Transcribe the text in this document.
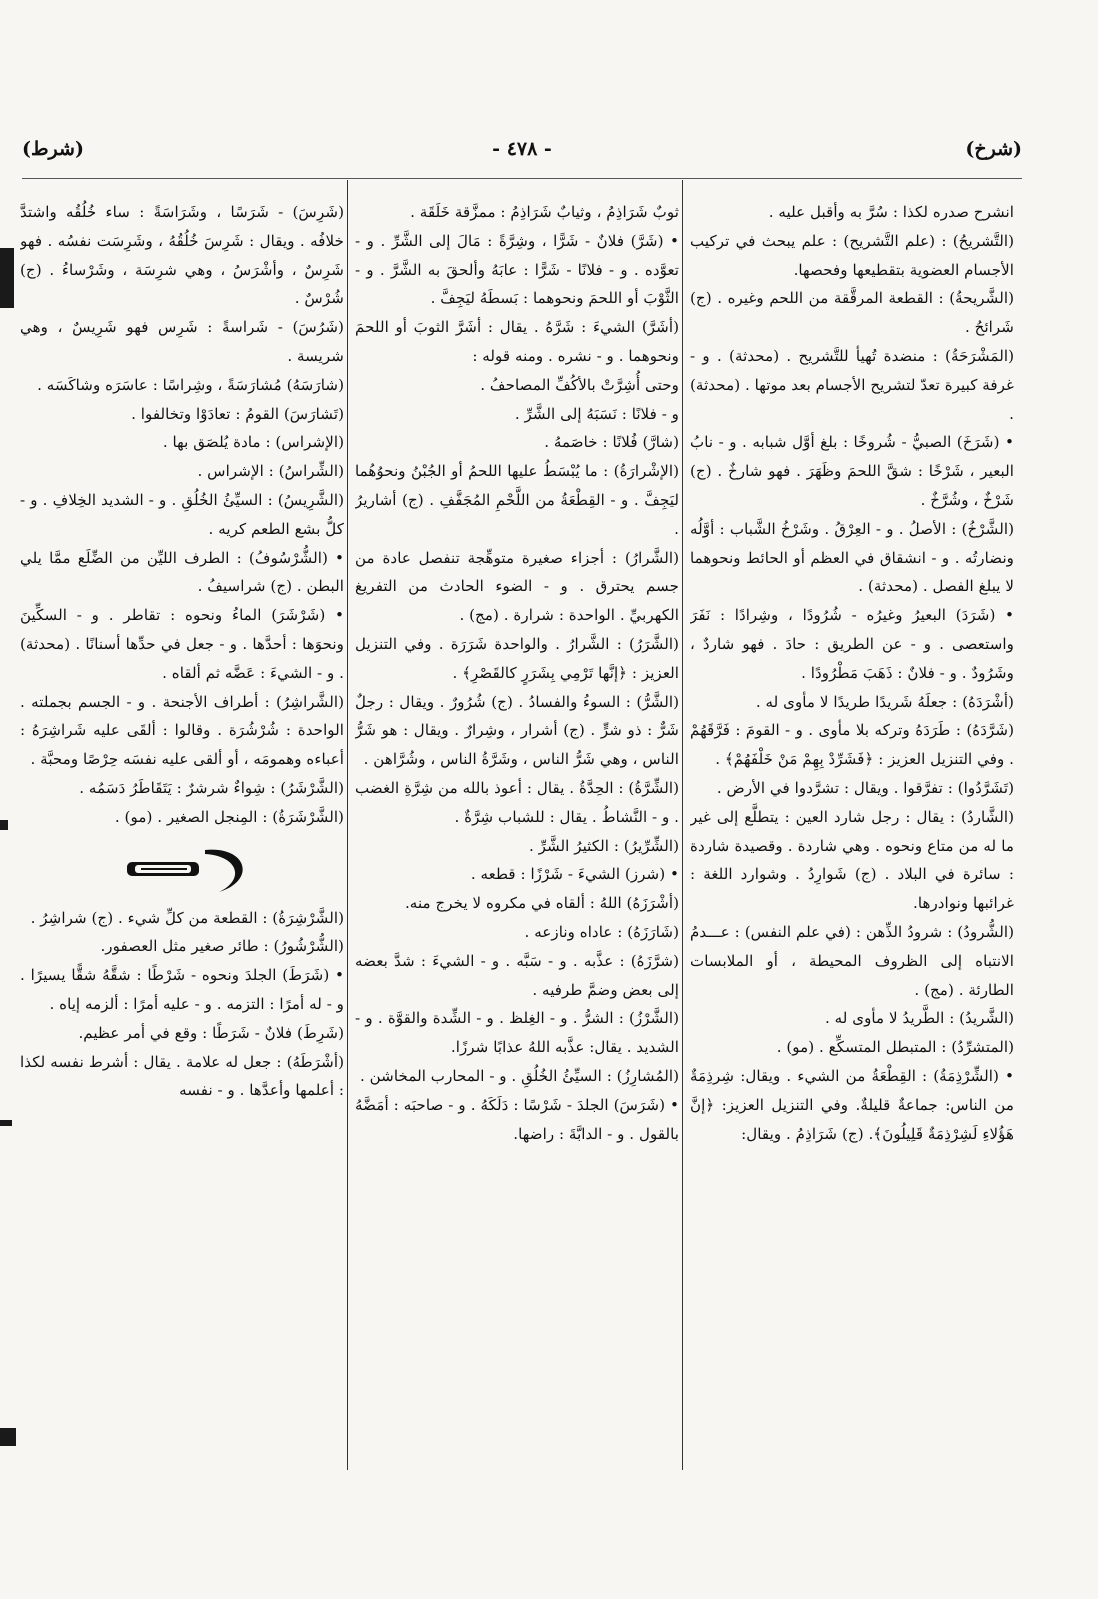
(شرخ)
- ٤٧٨ -
(شرط)

انشرح صدره لكذا : سُرَّ به وأقبل عليه .

(التَّشريحُ) : (علم التَّشريح) : علم يبحث في تركيب الأجسام العضوية بتقطيعها وفحصها.

(الشَّريحةُ) : القطعة المرقَّقة من اللحم وغيره . (ج) شَرائحُ .

(المَشْرَحَةُ) : منضدة تُهيأ للتَّشريح . (محدثة) . و - غرفة كبيرة تعدّ لتشريح الأجسام بعد موتها . (محدثة) .

• (شَرَخَ) الصبيُّ - شُروخًا : بلغ أوَّل شبابه . و - نابُ البعير ، شَرْخًا : شقَّ اللحمَ وظَهَرَ . فهو شارخٌ . (ج) شَرْخٌ ، وشُرَّخٌ .

(الشَّرْخُ) : الأصلُ . و - العِرْقُ . وشَرْخُ الشَّباب : أوَّلُه ونضارتُه . و - انشقاق في العظم أو الحائط ونحوهما لا يبلغ الفصل . (محدثة) .

• (شَرَدَ) البعيرُ وغيرُه - شُرُودًا ، وشِرادًا : نَفَرَ واستعصى . و - عن الطريق : حادَ . فهو شاردٌ ، وشَرُودٌ . و - فلانٌ : ذَهَبَ مَطْرُودًا .

(أشْرَدَهُ) : جعلَهُ شَريدًا طريدًا لا مأوى له .

(شَرَّدَهُ) : طَرَدَهُ وتركه بلا مأوى . و - القومَ : فَرَّقَهُمْ . وفي التنزيل العزيز : ﴿فَشَرِّدْ بِهِمْ مَنْ خَلْفَهُمْ﴾ .

(تَشَرَّدُوا) : تفرَّقوا . ويقال : تشرَّدوا في الأرض .

(الشَّاردُ) : يقال : رجل شارد العين : يتطلَّع إلى غير ما له من متاع ونحوه . وهي شاردة . وقصيدة شاردة : سائرة في البلاد . (ج) شَوارِدُ . وشوارد اللغة : غرائبها ونوادرها.

(الشُّرودُ) : شرودُ الذِّهن : (في علم النفس) : عـــدمُ الانتباه إلى الظروف المحيطة ، أو الملابسات الطارئة . (مج) .

(الشَّريدُ) : الطَّريدُ لا مأوى له .

(المتشرِّدُ) : المتبطل المتسكِّع . (مو) .

• (الشِّرْذِمَةُ) : القِطْعَةُ من الشيء . ويقال: شِرذِمَةٌ من الناس: جماعةٌ قليلةٌ. وفي التنزيل العزيز: ﴿إنَّ هَؤُلاءِ لَشِرْذِمَةٌ قَلِيلُونَ﴾. (ج) شَرَاذِمُ . ويقال:

ثوبٌ شَرَاذِمُ ، وثيابٌ شَرَاذِمُ : ممزَّقة خَلَقَة .

• (شَرَّ) فلانٌ - شَرًّا ، وشِرَّةً : مَالَ إلى الشَّرِّ . و - تعوَّده . و - فلانًا - شَرًّا : عابَهُ وألحقَ به الشَّرَّ . و - الثَّوْبَ أو اللحمَ ونحوهما : بَسطَهُ ليَجِفَّ .

(أشَرَّ) الشيءَ : شَرَّهُ . يقال : أشَرَّ الثوبَ أو اللحمَ ونحوهما . و - نشره . ومنه قوله :

وحتى أُشِرَّتْ بالأكُفِّ المصاحفُ .

و - فلانًا : نَسَبَهُ إلى الشَّرِّ .

(شارَّ) فُلانًا : خاصَمهُ .

(الإشْرارَةُ) : ما يُبْسَطُ عليها اللحمُ أو الجُبْنُ ونحوُهُما ليَجِفَّ . و - القِطْعَةُ من اللَّحْمِ المُجَفَّفِ . (ج) أشاريرُ .

(الشَّرارُ) : أجزاء صغيرة متوهِّجة تنفصل عادة من جسم يحترق . و - الضوء الحادث من التفريغ الكهربيِّ . الواحدة : شرارة . (مج) .

(الشَّرَرُ) : الشَّرارُ . والواحدة شَرَرَة . وفي التنزيل العزيز : ﴿إنَّها تَرْمِي بِشَرَرٍ كالقَصْرِ﴾ .

(الشَّرُّ) : السوءُ والفسادُ . (ج) شُرُورٌ . ويقال : رجلٌ شَرٌّ : ذو شرٍّ . (ج) أشرار ، وشِرارٌ . ويقال : هو شَرُّ الناس ، وهي شَرُّ الناس ، وشَرَّةُ الناس ، وشُرَّاهن .

(الشِّرَّةُ) : الحِدَّةُ . يقال : أعوذ بالله من شِرَّةِ الغضب . و - النَّشاطُ . يقال : للشباب شِرَّةٌ .

(الشِّرِّيرُ) : الكثيرُ الشَّرِّ .

• (شرز) الشيءَ - شَرْزًا : قطعه .

(أشْرَزَهُ) اللهُ : ألقاه في مكروه لا يخرج منه.

(شَارَزَهُ) : عاداه ونازعه .

(شرَّزَهُ) : عذَّبه . و - سَبَّه . و - الشيءَ : شدَّ بعضه إلى بعض وضمَّ طرفيه .

(الشَّرْزُ) : الشرُّ . و - الغِلظ . و - الشِّدة والقوَّة . و - الشديد . يقال: عذَّبه اللهُ عذابًا شرزًا.

(المُشارِزُ) : السيِّئُ الخُلُقِ . و - المحارب المخاشن .

• (شَرَسَ) الجلدَ - شَرْسًا : دَلَكَهُ . و - صاحبَه : أمَضَّهُ بالقول . و - الدابَّةَ : راضها.

(شَرِسَ) - شَرَسًا ، وشَرَاسَةً : ساء خُلُقُه واشتدَّ خلافُه . ويقال : شَرِسَ خُلُقُهُ ، وشَرِسَت نفسُه . فهو شَرِسٌ ، وأشْرَسُ ، وهي شرِسَة ، وشَرْساءُ . (ج) شُرْسٌ .

(شَرُسَ) - شَراسةً : شَرِس فهو شَرِيسٌ ، وهي شريسة .

(شارَسَهُ) مُشارَسَةً ، وشِراسًا : عاسَرَه وشاكَسَه .

(تَشارَسَ) القومُ : تعادَوْا وتخالفوا .

(الإشراس) : مادة يُلصَق بها .

(الشِّراسُ) : الإشراس .

(الشَّرِيسُ) : السيِّئُ الخُلُقِ . و - الشديد الخِلافِ . و - كلُّ بشع الطعم كريه .

• (الشُّرْسُوفُ) : الطرف الليِّن من الضِّلَع ممَّا يلي البطن . (ج) شراسيفُ .

• (شَرْشَرَ) الماءُ ونحوه : تقاطر . و - السكِّينَ ونحوَها : أحدَّها . و - جعل في حدِّها أسنانًا . (محدثة) . و - الشيءَ : عَضَّه ثم ألقاه .

(الشَّراشِرُ) : أطراف الأجنحة . و - الجسم بجملته . الواحدة : شُرْشُرَة . وقالوا : ألقَى عليه شَراشِرَهُ : أعباءه وهمومَه ، أو ألقى عليه نفسَه حِرْصًا ومحبَّة .

(الشَّرْشَرُ) : شِواءٌ شرشرٌ : يَتَقَاطَرُ دَسَمُه .

(الشَّرْشَرَةُ) : المِنجل الصغير . (مو) .

(الشَّرْشِرَةُ) : القطعة من كلِّ شيء . (ج) شراشِرُ .

(الشُّرْشُورُ) : طائر صغير مثل العصفور.

• (شَرَطَ) الجلدَ ونحوه - شَرْطًا : شقَّهُ شقًّا يسيرًا . و - له أمرًا : التزمه . و - عليه أمرًا : ألزمه إياه .

(شَرِطَ) فلانٌ - شَرَطًا : وقع في أمر عظيم.

(أشْرَطَهُ) : جعل له علامة . يقال : أشرط نفسه لكذا : أعلمها وأعدَّها . و - نفسه
